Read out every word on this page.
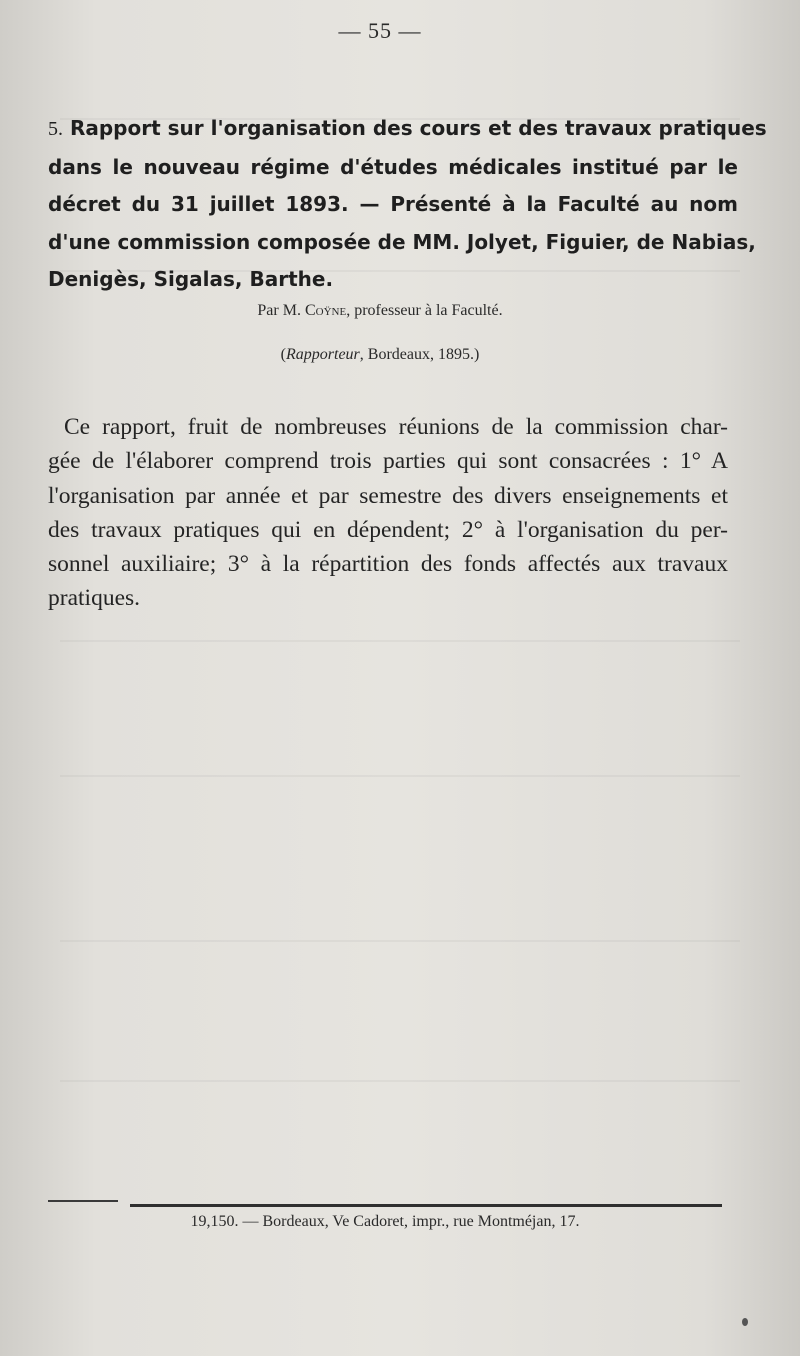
— 55 —
5. Rapport sur l'organisation des cours et des travaux pratiques
dans le nouveau régime d'études médicales institué par le
décret du 31 juillet 1893. — Présenté à la Faculté au nom
d'une commission composée de MM. Jolyet, Figuier, de Nabias,
Denigès, Sigalas, Barthe.
Par M. Coÿne, professeur à la Faculté.
(Rapporteur, Bordeaux, 1895.)
Ce rapport, fruit de nombreuses réunions de la commission char-
gée de l'élaborer comprend trois parties qui sont consacrées : 1° A
l'organisation par année et par semestre des divers enseignements et
des travaux pratiques qui en dépendent; 2° à l'organisation du per-
sonnel auxiliaire; 3° à la répartition des fonds affectés aux travaux
pratiques.
19,150. — Bordeaux, Ve Cadoret, impr., rue Montméjan, 17.
